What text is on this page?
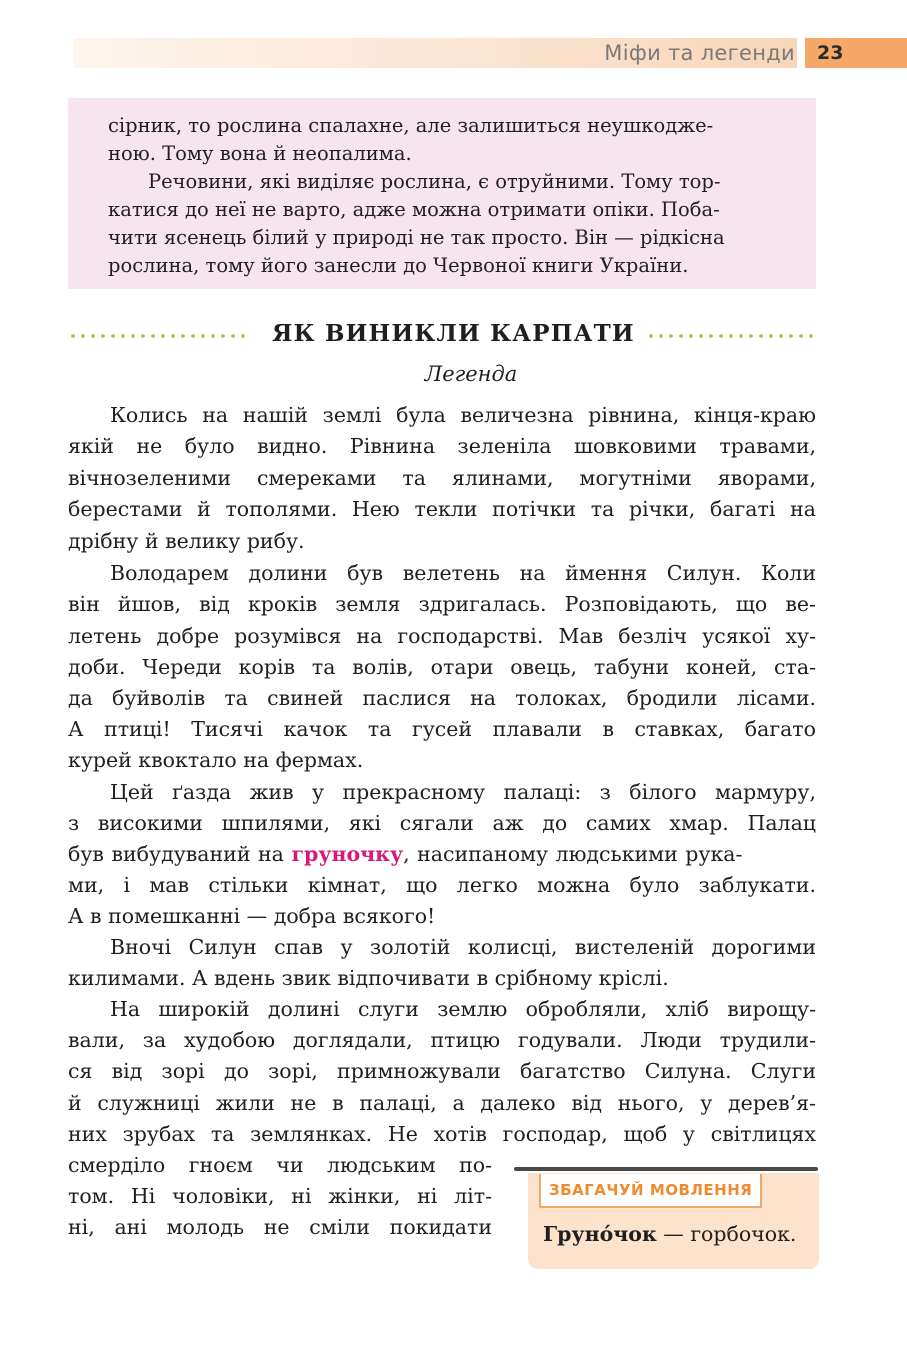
Міфи та легенди	23

сірник, то рослина спалахне, але залишиться неушкодже-

ною. Тому вона й неопалима.

Речовини, які виділяє рослина, є отруйними. Тому тор-

катися до неї не варто, адже можна отримати опіки. Поба-

чити ясенець білий у природі не так просто. Він — рідкісна

рослина, тому його занесли до Червоної книги України.

ЯК ВИНИКЛИ КАРПАТИ
Легенда
Колись на нашій землі була величезна рівнина, кінця-краю
якій не було видно. Рівнина зеленіла шовковими травами,
вічнозеленими смереками та ялинами, могутніми яворами,
берестами й тополями. Нею текли потічки та річки, багаті на
дрібну й велику рибу.
Володарем долини був велетень на ймення Силун. Коли
він йшов, від кроків земля здригалась. Розповідають, що ве-
летень добре розумівся на господарстві. Мав безліч усякої ху-
доби. Череди корів та волів, отари овець, табуни коней, ста-
да буйволів та свиней паслися на толоках, бродили лісами.
А птиці! Тисячі качок та гусей плавали в ставках, багато
курей квоктало на фермах.
Цей ґазда жив у прекрасному палаці: з білого мармуру,
з високими шпилями, які сягали аж до самих хмар. Палац
був вибудуваний на груночку, насипаному людськими рука-
ми, і мав стільки кімнат, що легко можна було заблукати.
А в помешканні — добра всякого!
Вночі Силун спав у золотій колисці, вистеленій дорогими
килимами. А вдень звик відпочивати в срібному кріслі.
На широкій долині слуги землю обробляли, хліб вирощу-
вали, за худобою доглядали, птицю годували. Люди трудили-
ся від зорі до зорі, примножували багатство Силуна. Слуги
й служниці жили не в палаці, а далеко від нього, у дерев’я-
них зрубах та землянках. Не хотів господар, щоб у світлицях
смерділо гноєм чи людським по-
том. Ні чоловіки, ні жінки, ні літ-
ні, ані молодь не сміли покидати
ЗБАГАЧУЙ МОВЛЕННЯ
Груно́чок — горбочок.
